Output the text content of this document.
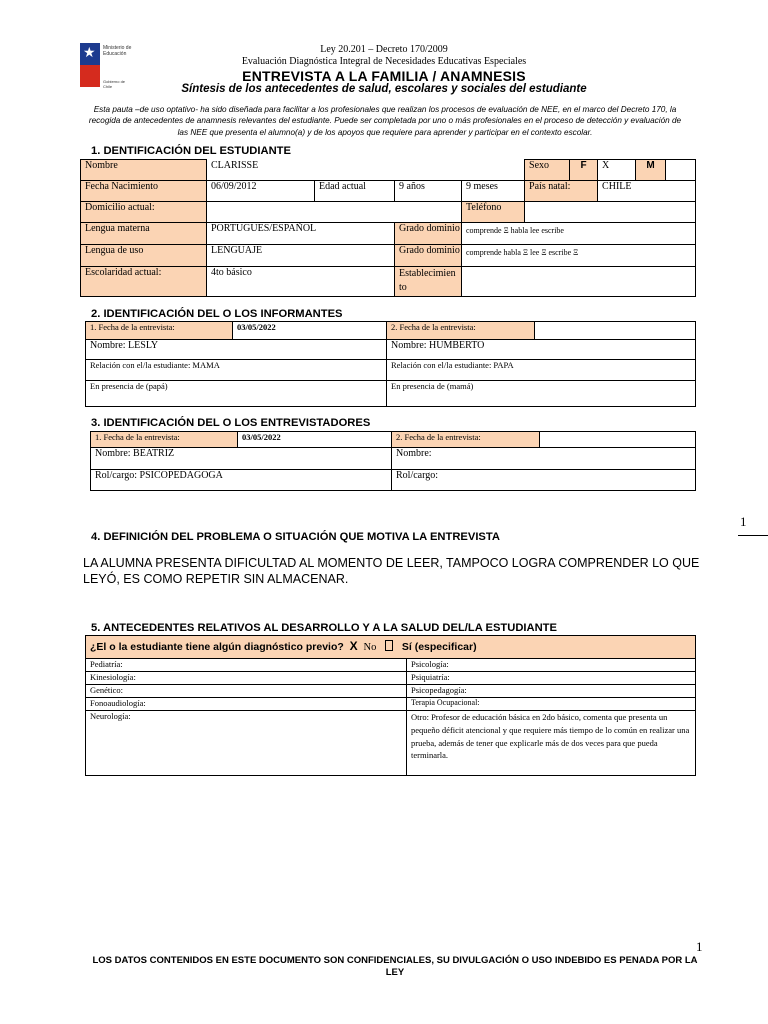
★ Ministerio de Educación
Gobierno de Chile
Ley 20.201 – Decreto 170/2009
Evaluación Diagnóstica Integral de Necesidades Educativas Especiales
ENTREVISTA A LA FAMILIA / ANAMNESIS
Síntesis de los antecedentes de salud, escolares y sociales del estudiante
Esta pauta –de uso optativo- ha sido diseñada para facilitar a los profesionales que realizan los procesos de evaluación de NEE, en el marco del Decreto 170, la recogida de antecedentes de anamnesis relevantes del estudiante. Puede ser completada por uno o más profesionales en el proceso de detección y evaluación de las NEE que presenta el alumno(a) y de los apoyos que requiere para aprender y participar en el contexto escolar.
1. DENTIFICACIÓN DEL ESTUDIANTE
Nombre	CLARISSE				Sexo	F	X	M	
Fecha Nacimiento	06/09/2012	Edad actual	9 años	9 meses	País natal:		CHILE		
Domicilio actual:				Teléfono					
Lengua materna	PORTUGUES/ESPAÑOL		Grado dominio	comprende Ξ habla lee escribe					
Lengua de uso	LENGUAJE		Grado dominio	comprende habla Ξ lee Ξ escribe Ξ					
Escolaridad actual:	4to básico		Establecimiento						
2. IDENTIFICACIÓN DEL O LOS INFORMANTES
1. Fecha de la entrevista:	03/05/2022	2. Fecha de la entrevista:	
Nombre: LESLY		Nombre: HUMBERTO	
Relación con el/la estudiante: MAMA		Relación con el/la estudiante: PAPA	
En presencia de (papá)		En presencia de (mamá)	
3. IDENTIFICACIÓN DEL O LOS ENTREVISTADORES
1. Fecha de la entrevista:	03/05/2022	2. Fecha de la entrevista:	
Nombre: BEATRIZ		Nombre:	
Rol/cargo: PSICOPEDAGOGA		Rol/cargo:	
1
4. DEFINICIÓN DEL PROBLEMA O SITUACIÓN QUE MOTIVA LA ENTREVISTA
LA ALUMNA PRESENTA DIFICULTAD AL MOMENTO DE LEER, TAMPOCO LOGRA COMPRENDER LO QUE LEYÓ, ES COMO REPETIR SIN ALMACENAR.
5. ANTECEDENTES RELATIVOS AL DESARROLLO Y A LA SALUD DEL/LA ESTUDIANTE
¿El o la estudiante tiene algún diagnóstico previo? X No Sí (especificar)	
Pediatría:	Psicología:
Kinesiología:	Psiquiatría:
Genético:	Psicopedagogía:
Fonoaudiología:	Terapia Ocupacional:
Neurología:	Otro: Profesor de educación básica en 2do básico, comenta que presenta un pequeño déficit atencional y que requiere más tiempo de lo común en realizar una prueba, además de tener que explicarle más de dos veces para que pueda terminarla.
1
LOS DATOS CONTENIDOS EN ESTE DOCUMENTO SON CONFIDENCIALES, SU DIVULGACIÓN O USO INDEBIDO ES PENADA POR LA LEY
